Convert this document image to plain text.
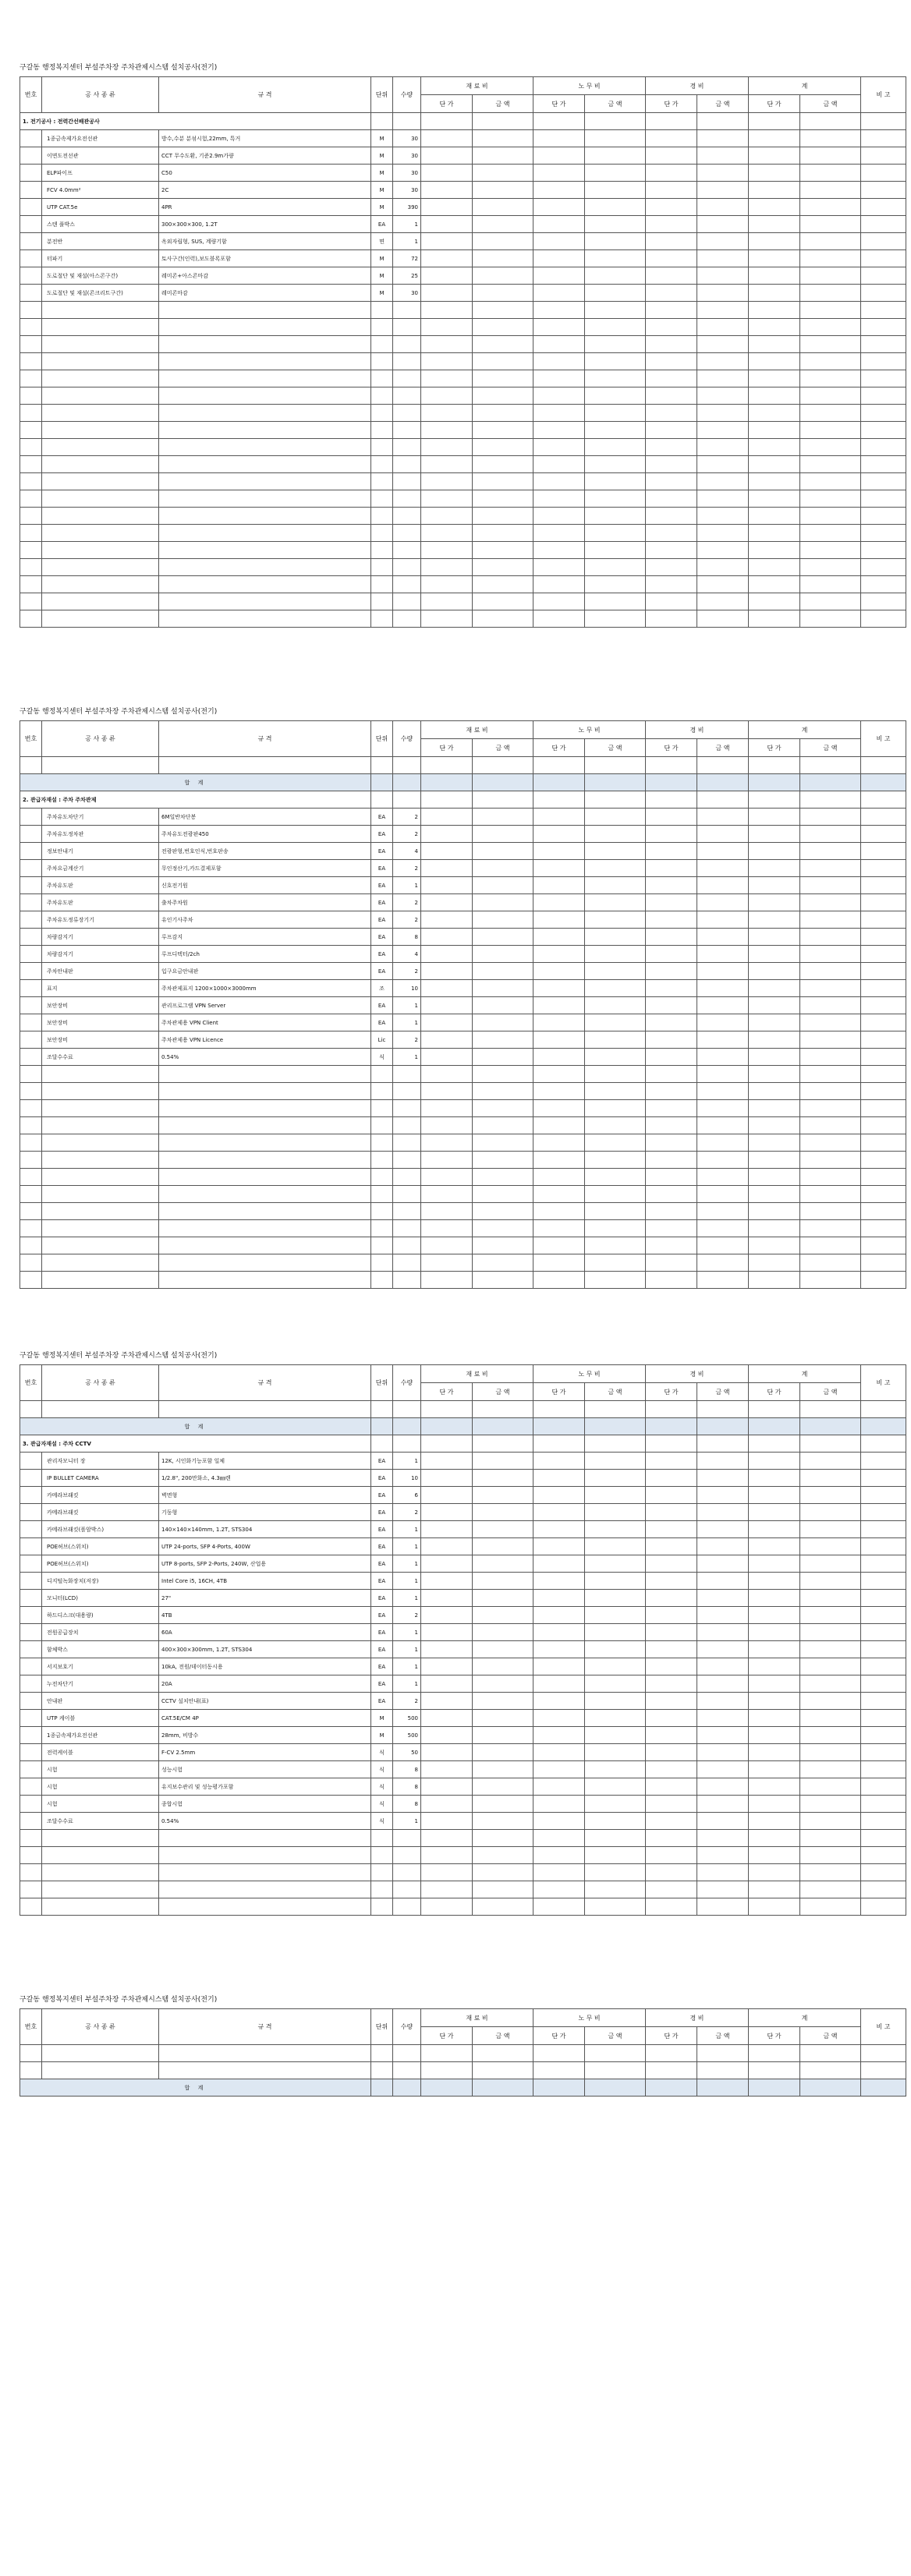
구갈동 행정복지센터 부설주차장 주차관제시스템 설치공사(전기)
번호	공 사 종 류	규 격	단위	수량	재 료 비		노 무 비		경 비		계		비 고
					단 가	금 액	단 가	금 액	단 가	금 액	단 가	금 액	
1. 전기공사 : 전력간선배관공사													
	1종금속제가요전선관	방수,수분 분섞시험,22mm, 특거	M	30									
	이면도전선관	CCT 무수도환, 기준2.9m가량	M	30									
	ELP파이프	C50	M	30									
	FCV 4.0mm²	2C	M	30									
	UTP CAT.5e	4PR	M	390									
	스텐 풀박스	300×300×300, 1.2T	EA	1									
	분전반	옥외자립형, SUS, 계량기함	면	1									
	터파기	토사구간(인력),보도블록포함	M	72									
	도로절단 및 재설(아스콘구간)	레미콘+아스콘마감	M	25									
	도로절단 및 재설(콘크리트구간)	레미콘마감	M	30									

구갈동 행정복지센터 부설주차장 주차관제시스템 설치공사(전기)
번호	공 사 종 류	규 격	단위	수량	재 료 비		노 무 비		경 비		계		비 고
					단 가	금 액	단 가	금 액	단 가	금 액	단 가	금 액	

합 계													
2. 관급자재설 : 주차 주차관제													
	주차유도차단기	6M일반차단봉	EA	2									
	주차유도정차판	주차유도전광판450	EA	2									
	정보안내기	전광판형,번호인식,번호판송	EA	4									
	주차요금계산기	무인정산기,카드결제포함	EA	2									
	주차유도판	신호전기원	EA	1									
	주차유도판	출차주차원	EA	2									
	주차유도정류장기기	유인기사주차	EA	2									
	차량감지기	루프감지	EA	8									
	차량감지기	루프디텍터/2ch	EA	4									
	주차안내판	입구요금안내판	EA	2									
	표지	주차관제표지 1200×1000×3000mm	조	10									
	보안장비	관리프로그램 VPN Server	EA	1									
	보안장비	주차관제용 VPN Client	EA	1									
	보안장비	주차관제용 VPN Licence	Lic	2									
	조달수수료	0.54%	식	1									

구갈동 행정복지센터 부설주차장 주차관제시스템 설치공사(전기)
번호	공 사 종 류	규 격	단위	수량	재 료 비		노 무 비		경 비		계		비 고
					단 가	금 액	단 가	금 액	단 가	금 액	단 가	금 액	

합 계													
3. 관급자재설 : 주차 CCTV													
	관리자모니터 장	12K, 시인화기능포함 일체	EA	1									
	IP BULLET CAMERA	1/2.8", 200만화소, 4.3㎜렌	EA	10									
	카메라브래킷	벽면형	EA	6									
	카메라브래킷	기둥형	EA	2									
	카메라브래킷(폴암박스)	140×140×140mm, 1.2T, STS304	EA	1									
	POE허브(스위치)	UTP 24-ports, SFP 4-Ports, 400W	EA	1									
	POE허브(스위치)	UTP 8-ports, SFP 2-Ports, 240W, 산업용	EA	1									
	디지털녹화장치(저장)	Intel Core i5, 16CH, 4TB	EA	1									
	모니터(LCD)	27"	EA	1									
	하드디스크(대용량)	4TB	EA	2									
	전원공급장치	60A	EA	1									
	함체박스	400×300×300mm, 1.2T, STS304	EA	1									
	서지보호기	10kA, 전원/데이터동시용	EA	1									
	누전차단기	20A	EA	1									
	안내판	CCTV 설치안내(표)	EA	2									
	UTP 케이블	CAT.5E/CM 4P	M	500									
	1종금속제가요전선관	28mm, 비방수	M	500									
	전력케이블	F-CV 2.5mm	식	50									
	시험	성능시험	식	8									
	시험	유지보수관리 및 성능평가포함	식	8									
	시험	종합시험	식	8									
	조달수수료	0.54%	식	1									

구갈동 행정복지센터 부설주차장 주차관제시스템 설치공사(전기)
번호	공 사 종 류	규 격	단위	수량	재 료 비		노 무 비		경 비		계		비 고
					단 가	금 액	단 가	금 액	단 가	금 액	단 가	금 액	

합 계													
